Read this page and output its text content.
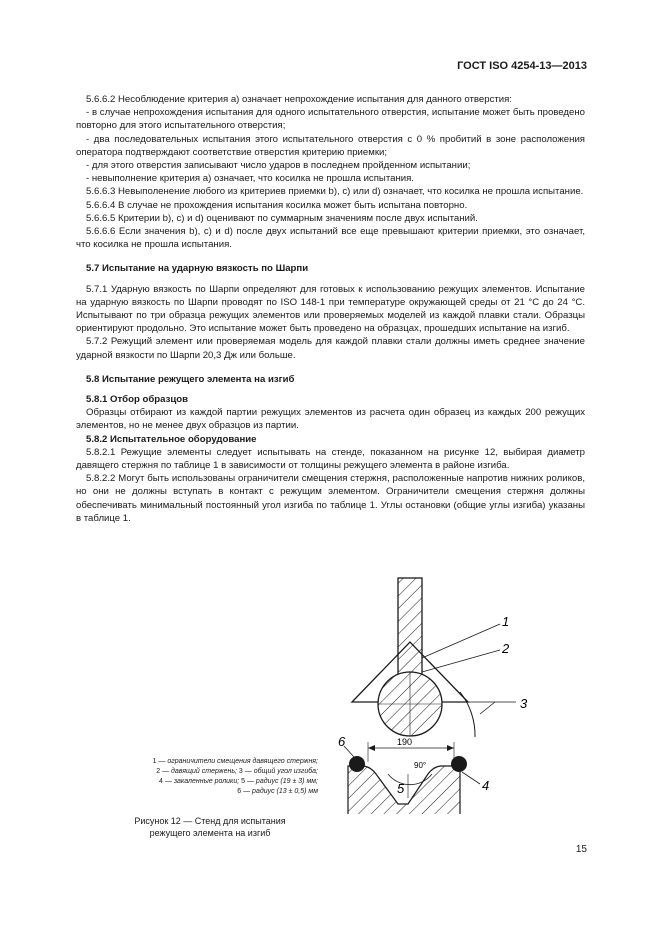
ГОСТ ISO 4254-13—2013

5.6.6.2 Несоблюдение критерия а) означает непрохождение испытания для данного отверстия:

- в случае непрохождения испытания для одного испытательного отверстия, испытание может быть проведено повторно для этого испытательного отверстия;

- два последовательных испытания этого испытательного отверстия с 0 % пробитий в зоне расположения оператора подтверждают соответствие отверстия критерию приемки;

- для этого отверстия записывают число ударов в последнем пройденном испытании;

- невыполнение критерия а) означает, что косилка не прошла испытания.

5.6.6.3 Невыполенение любого из критериев приемки b), c) или d) означает, что косилка не прошла испытание.

5.6.6.4 В случае не прохождения испытания косилка может быть испытана повторно.

5.6.6.5 Критерии b), c) и d) оценивают по суммарным значениям после двух испытаний.

5.6.6.6 Если значения b), c) и d) после двух испытаний все еще превышают критерии приемки, это означает, что косилка не прошла испытания.

5.7 Испытание на ударную вязкость по Шарпи

5.7.1 Ударную вязкость по Шарпи определяют для готовых к использованию режущих элементов. Испытание на ударную вязкость по Шарпи проводят по ISO 148-1 при температуре окружающей среды от 21 °С до 24 °С. Испытывают по три образца режущих элементов или проверяемых моделей из каждой плавки стали. Образцы ориентируют продольно. Это испытание может быть проведено на образцах, прошедших испытание на изгиб.

5.7.2 Режущий элемент или проверяемая модель для каждой плавки стали должны иметь среднее значение ударной вязкости по Шарпи 20,3 Дж или больше.

5.8 Испытание режущего элемента на изгиб

5.8.1 Отбор образцов

Образцы отбирают из каждой партии режущих элементов из расчета один образец из каждых 200 режущих элементов, но не менее двух образцов из партии.

5.8.2 Испытательное оборудование

5.8.2.1 Режущие элементы следует испытывать на стенде, показанном на рисунке 12, выбирая диаметр давящего стержня по таблице 1 в зависимости от толщины режущего элемента в районе изгиба.

5.8.2.2 Могут быть использованы ограничители смещения стержня, расположенные напротив нижних роликов, но они не должны вступать в контакт с режущим элементом. Ограничители смещения стержня должны обеспечивать минимальный постоянный угол изгиба по таблице 1. Углы остановки (общие углы изгиба) указаны в таблице 1.

1
2
3
4
5
6	190
90°
1 — ограничители смещения давящего стержня;
2 — давящий стержень; 3 — общий угол изгиба;
4 — закаленные ролики; 5 — радиус (19 ± 3) мм;
6 — радиус (13 ± 0,5) мм
Рисунок 12 — Стенд для испытания режущего элемента на изгиб
15
